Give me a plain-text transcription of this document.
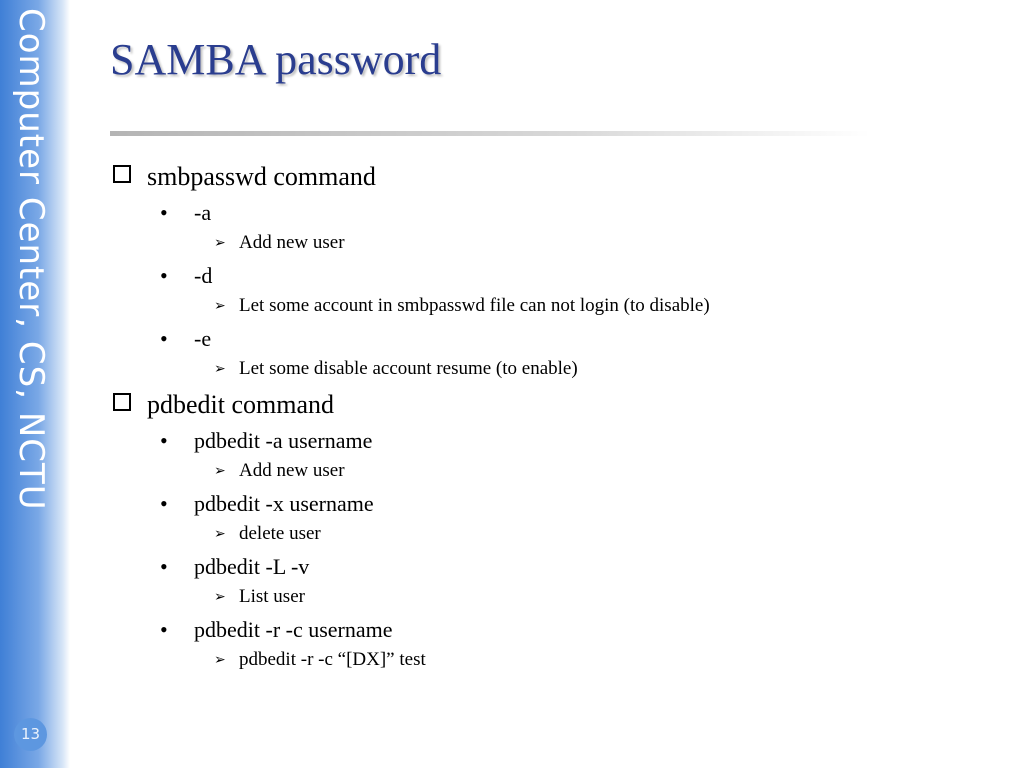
Computer Center, CS, NCTU
13
SAMBA password
smbpasswd command
• -a
➢ Add new user
• -d
➢ Let some account in smbpasswd file can not login (to disable)
• -e
➢ Let some disable account resume (to enable)
pdbedit command
• pdbedit -a username
➢ Add new user
• pdbedit -x username
➢ delete user
• pdbedit -L -v
➢ List user
• pdbedit -r -c username
➢ pdbedit -r -c “[DX]” test
